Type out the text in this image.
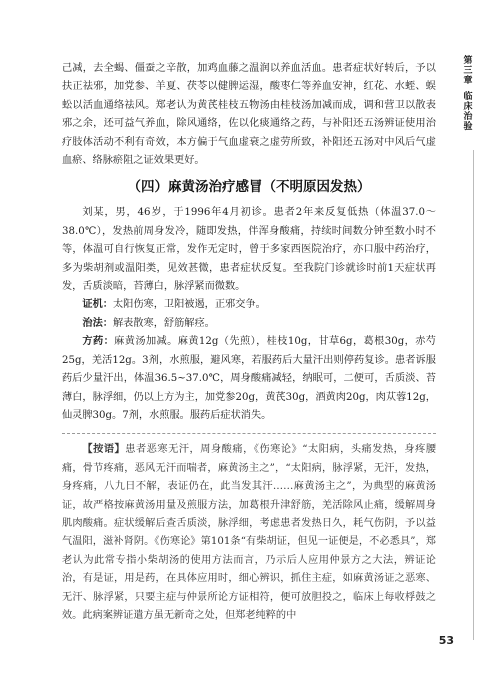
第三章
临床治验

己减，去全蝎、僵蚕之辛散，加鸡血藤之温润以养血活血。患者症状好转后，予以扶正祛邪，加党参、羊夏、茯苓以健脾运湿，酸枣仁等养血安神，红花、水蛭、蜈蚣以活血通络祛风。郑老认为黄芪桂枝五物汤由桂枝汤加减而成，调和营卫以散表邪之余，还可益气养血，除风通络，佐以化痰通络之药，与补阳还五汤辨证使用治疗肢体活动不利有奇效，本方偏于气血虚衰之虚劳所致，补阳还五汤对中风后气虚血瘀、络脉瘀阻之证效果更好。

（四）麻黄汤治疗感冒（不明原因发热）

刘某，男，46岁，于1996年4月初诊。患者2年来反复低热（体温37.0～38.0℃），发热前周身发冷，随即发热，伴浑身酸痛，持续时间数分钟至数小时不等，体温可自行恢复正常，发作无定时，曾于多家西医院治疗，亦口服中药治疗，多为柴胡剂或温阳类，见效甚微，患者症状反复。至我院门诊就诊时前1天症状再发，舌质淡暗，苔薄白，脉浮紧而微数。

证机：太阳伤寒，卫阳被遏，正邪交争。

治法：解表散寒，舒筋解痉。

方药：麻黄汤加减。麻黄12g（先煎），桂枝10g，甘草6g，葛根30g，赤芍25g，羌活12g。3剂，水煎服，避风寒，若服药后大量汗出则停药复诊。患者诉服药后少量汗出，体温36.5~37.0℃，周身酸痛减轻，纳眠可，二便可，舌质淡、苔薄白，脉浮细，仍以上方为主，加党参20g，黄芪30g，酒黄肉20g，肉苁蓉12g，仙灵脾30g。7剂，水煎服。服药后症状消失。

【按语】患者恶寒无汗，周身酸痛，《伤寒论》“太阳病，头痛发热，身疼腰痛，骨节疼痛，恶风无汗而喘者，麻黄汤主之”，“太阳病，脉浮紧，无汗，发热，身疼痛，八九日不解，表证仍在，此当发其汗……麻黄汤主之”，为典型的麻黄汤证，故严格按麻黄汤用量及煎服方法，加葛根升津舒筋，羌活除风止痛，缓解周身肌肉酸痛。症状缓解后查舌质淡，脉浮细，考虑患者发热日久，耗气伤阴，予以益气温阳，滋补肾阴。《伤寒论》第101条“有柴胡证，但见一证便是，不必悉具”，郑老认为此常专指小柴胡汤的使用方法而言，乃示后人应用仲景方之大法，辨证论治，有是证，用是药，在具体应用时，细心辨识，抓住主症，如麻黄汤证之恶寒、无汗、脉浮紧，只要主症与仲景所论方证相符，便可放胆投之，临床上每收桴鼓之效。此病案辨证遣方虽无新奇之处，但郑老纯粹的中

53
